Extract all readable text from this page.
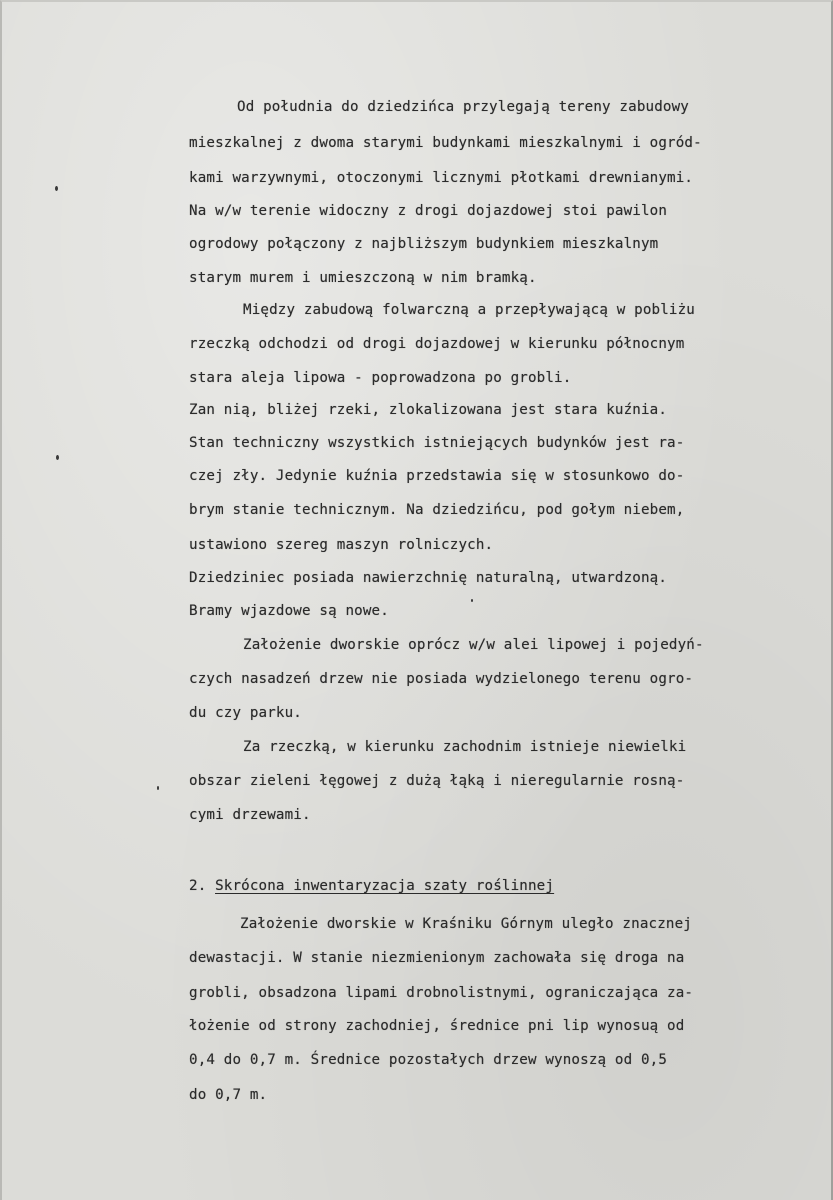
Od południa do dziedzińca przylegają tereny zabudowy

mieszkalnej z dwoma starymi budynkami mieszkalnymi i ogród-

kami warzywnymi, otoczonymi licznymi płotkami drewnianymi.

Na w/w terenie widoczny z drogi dojazdowej stoi pawilon

ogrodowy połączony z najbliższym budynkiem mieszkalnym

starym murem i umieszczoną w nim bramką.

Między zabudową folwarczną a przepływającą w pobliżu

rzeczką odchodzi od drogi dojazdowej w kierunku północnym

stara aleja lipowa - poprowadzona po grobli.

Zan nią, bliżej rzeki, zlokalizowana jest stara kuźnia.

Stan techniczny wszystkich istniejących budynków jest ra-

czej zły. Jedynie kuźnia przedstawia się w stosunkowo do-

brym stanie technicznym. Na dziedzińcu, pod gołym niebem,

ustawiono szereg maszyn rolniczych.

Dziedziniec posiada nawierzchnię naturalną, utwardzoną.

Bramy wjazdowe są nowe.

Założenie dworskie oprócz w/w alei lipowej i pojedyń-

czych nasadzeń drzew nie posiada wydzielonego terenu ogro-

du czy parku.

Za rzeczką, w kierunku zachodnim istnieje niewielki

obszar zieleni łęgowej z dużą łąką i nieregularnie rosną-

cymi drzewami.

2. Skrócona inwentaryzacja szaty roślinnej

Założenie dworskie w Kraśniku Górnym uległo znacznej

dewastacji. W stanie niezmienionym zachowała się droga na

grobli, obsadzona lipami drobnolistnymi, ograniczająca za-

łożenie od strony zachodniej, średnice pni lip wynosuą od

0,4 do 0,7 m. Średnice pozostałych drzew wynoszą od 0,5

do 0,7 m.
